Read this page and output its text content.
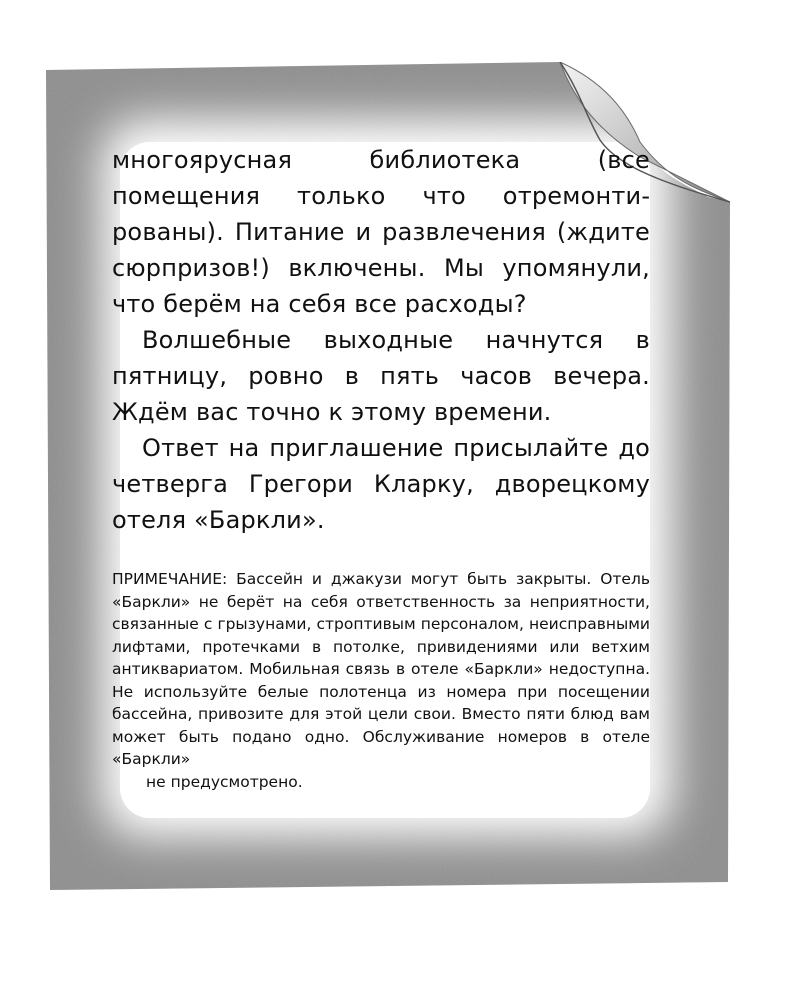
многоярусная библиотека (все помещения только что отремонтированы). Питание и развлечения (ждите сюрпризов!) включены. Мы упомянули, что берём на себя все расходы?

Волшебные выходные начнутся в пятницу, ровно в пять часов вечера. Ждём вас точно к этому времени.

Ответ на приглашение присылайте до четверга Грегори Кларку, дворецкому отеля «Баркли».

ПРИМЕЧАНИЕ: Бассейн и джакузи могут быть закрыты. Отель «Баркли» не берёт на себя ответственность за неприятности, связанные с грызунами, строптивым персоналом, неисправными лифтами, протечками в потолке, привидениями или ветхим антиквариатом. Мобильная связь в отеле «Баркли» недоступна. Не используйте белые полотенца из номера при посещении бассейна, привозите для этой цели свои. Вместо пяти блюд вам может быть подано одно. Обслуживание номеров в отеле «Баркли»
не предусмотрено.
